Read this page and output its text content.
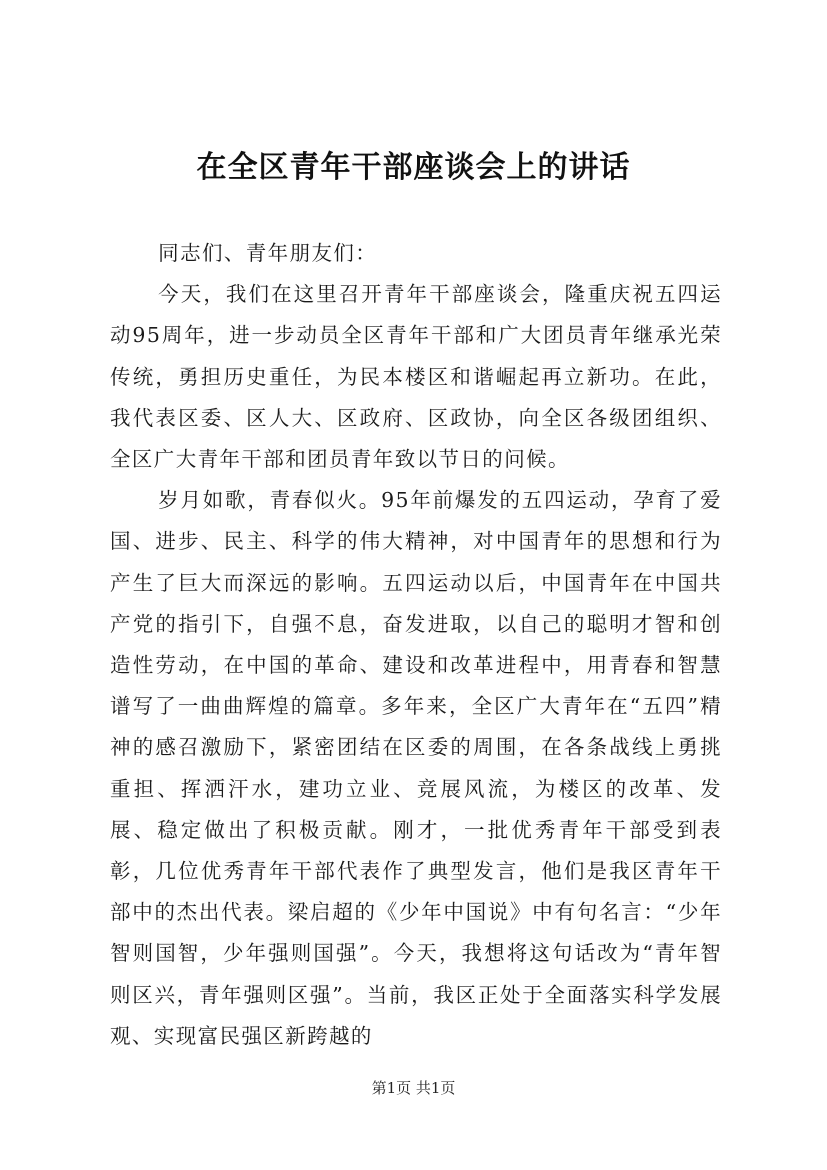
在全区青年干部座谈会上的讲话

同志们、青年朋友们：

今天，我们在这里召开青年干部座谈会，隆重庆祝五四运动95周年，进一步动员全区青年干部和广大团员青年继承光荣传统，勇担历史重任，为民本楼区和谐崛起再立新功。在此，我代表区委、区人大、区政府、区政协，向全区各级团组织、全区广大青年干部和团员青年致以节日的问候。

岁月如歌，青春似火。95年前爆发的五四运动，孕育了爱国、进步、民主、科学的伟大精神，对中国青年的思想和行为产生了巨大而深远的影响。五四运动以后，中国青年在中国共产党的指引下，自强不息，奋发进取，以自己的聪明才智和创造性劳动，在中国的革命、建设和改革进程中，用青春和智慧谱写了一曲曲辉煌的篇章。多年来，全区广大青年在“五四”精神的感召激励下，紧密团结在区委的周围，在各条战线上勇挑重担、挥洒汗水，建功立业、竞展风流，为楼区的改革、发展、稳定做出了积极贡献。刚才，一批优秀青年干部受到表彰，几位优秀青年干部代表作了典型发言，他们是我区青年干部中的杰出代表。梁启超的《少年中国说》中有句名言：“少年智则国智，少年强则国强”。今天，我想将这句话改为“青年智则区兴，青年强则区强”。当前，我区正处于全面落实科学发展观、实现富民强区新跨越的

第1页 共1页
